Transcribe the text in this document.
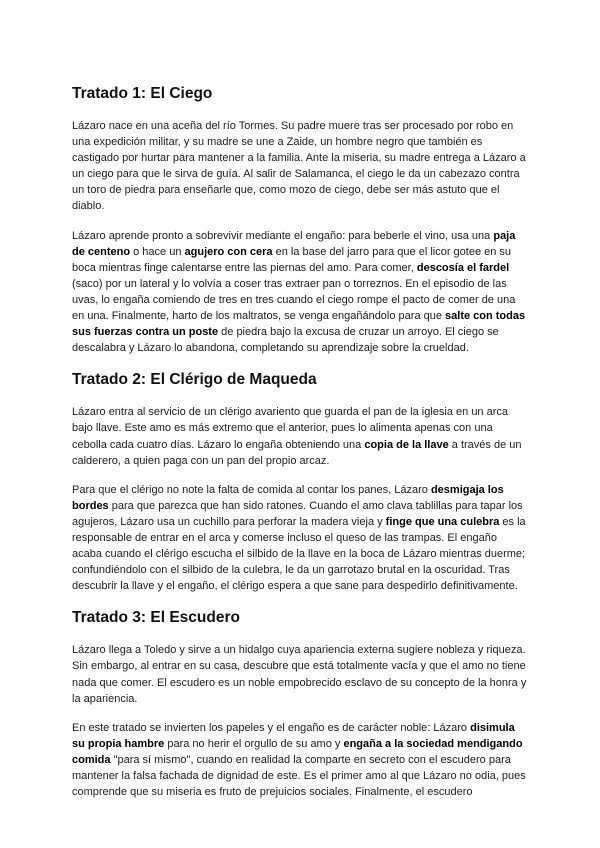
Tratado 1: El Ciego

Lázaro nace en una aceña del río Tormes. Su padre muere tras ser procesado por robo en una expedición militar, y su madre se une a Zaide, un hombre negro que también es castigado por hurtar para mantener a la familia. Ante la miseria, su madre entrega a Lázaro a un ciego para que le sirva de guía. Al salir de Salamanca, el ciego le da un cabezazo contra un toro de piedra para enseñarle que, como mozo de ciego, debe ser más astuto que el diablo.

Lázaro aprende pronto a sobrevivir mediante el engaño: para beberle el vino, usa una paja de centeno o hace un agujero con cera en la base del jarro para que el licor gotee en su boca mientras finge calentarse entre las piernas del amo. Para comer, descosía el fardel (saco) por un lateral y lo volvía a coser tras extraer pan o torreznos. En el episodio de las uvas, lo engaña comiendo de tres en tres cuando el ciego rompe el pacto de comer de una en una. Finalmente, harto de los maltratos, se venga engañándolo para que salte con todas sus fuerzas contra un poste de piedra bajo la excusa de cruzar un arroyo. El ciego se descalabra y Lázaro lo abandona, completando su aprendizaje sobre la crueldad.

Tratado 2: El Clérigo de Maqueda

Lázaro entra al servicio de un clérigo avariento que guarda el pan de la iglesia en un arca bajo llave. Este amo es más extremo que el anterior, pues lo alimenta apenas con una cebolla cada cuatro días. Lázaro lo engaña obteniendo una copia de la llave a través de un calderero, a quien paga con un pan del propio arcaz.

Para que el clérigo no note la falta de comida al contar los panes, Lázaro desmigaja los bordes para que parezca que han sido ratones. Cuando el amo clava tablillas para tapar los agujeros, Lázaro usa un cuchillo para perforar la madera vieja y finge que una culebra es la responsable de entrar en el arca y comerse incluso el queso de las trampas. El engaño acaba cuando el clérigo escucha el silbido de la llave en la boca de Lázaro mientras duerme; confundiéndolo con el silbido de la culebra, le da un garrotazo brutal en la oscuridad. Tras descubrir la llave y el engaño, el clérigo espera a que sane para despedirlo definitivamente.

Tratado 3: El Escudero

Lázaro llega a Toledo y sirve a un hidalgo cuya apariencia externa sugiere nobleza y riqueza. Sin embargo, al entrar en su casa, descubre que está totalmente vacía y que el amo no tiene nada que comer. El escudero es un noble empobrecido esclavo de su concepto de la honra y la apariencia.

En este tratado se invierten los papeles y el engaño es de carácter noble: Lázaro disimula su propia hambre para no herir el orgullo de su amo y engaña a la sociedad mendigando comida "para sí mismo", cuando en realidad la comparte en secreto con el escudero para mantener la falsa fachada de dignidad de este. Es el primer amo al que Lázaro no odia, pues comprende que su miseria es fruto de prejuicios sociales. Finalmente, el escudero
